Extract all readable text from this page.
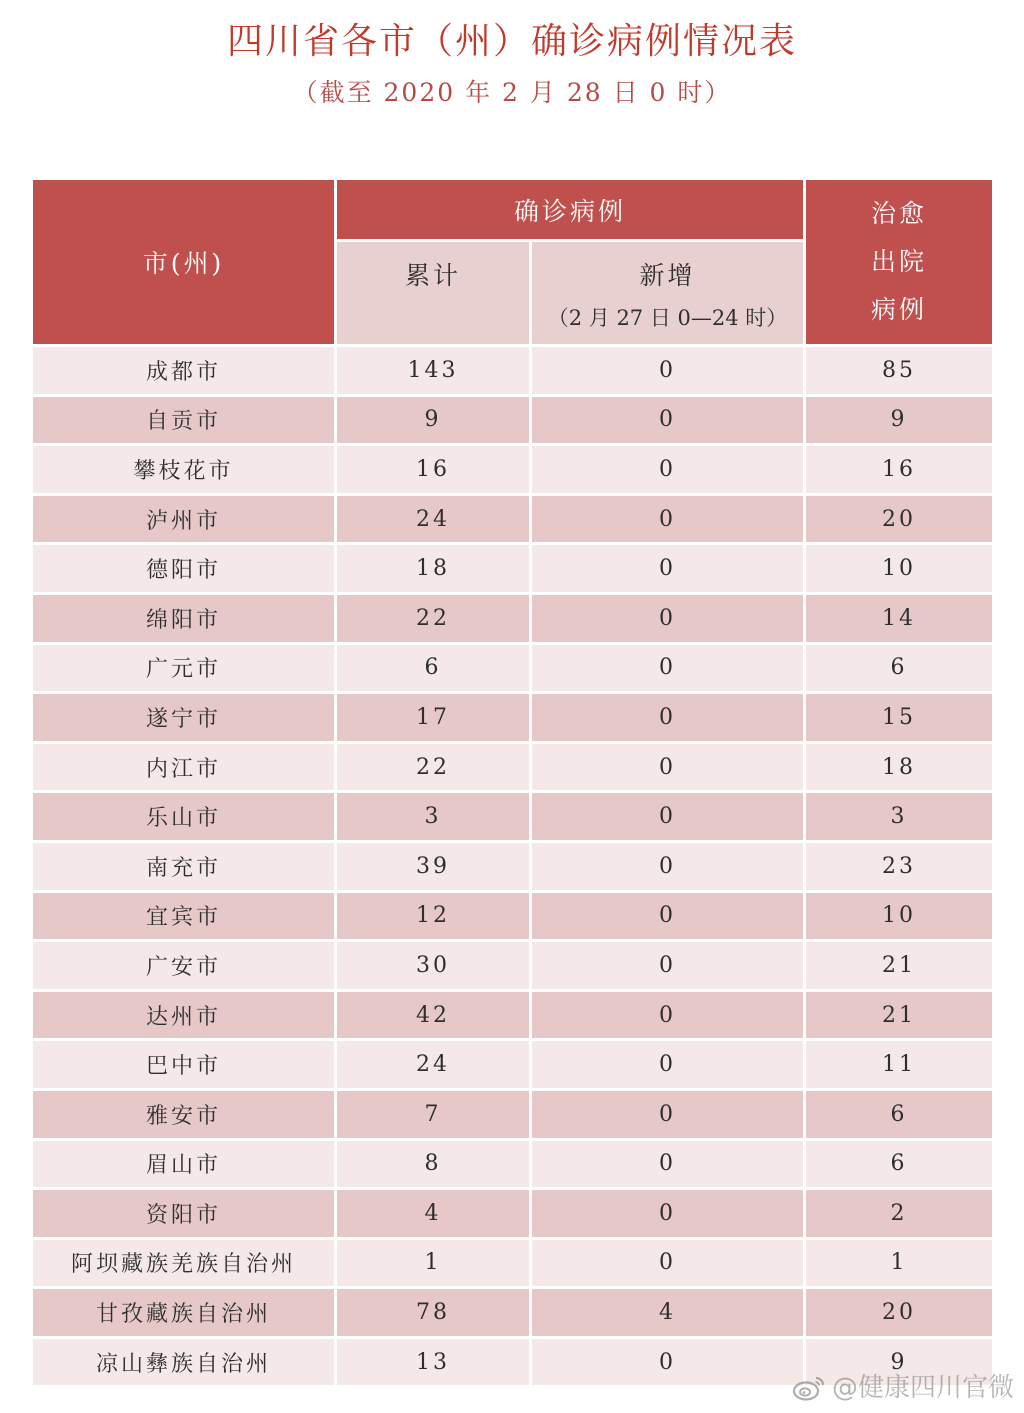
四川省各市（州）确诊病例情况表
（截至 2020 年 2 月 28 日 0 时）
市(州)	确诊病例		治愈
出院
病例

	累计	新增
（2 月 27 日 0—24 时）	

成都市	143	0	85
自贡市	9	0	9
攀枝花市	16	0	16
泸州市	24	0	20
德阳市	18	0	10
绵阳市	22	0	14
广元市	6	0	6
遂宁市	17	0	15
内江市	22	0	18
乐山市	3	0	3
南充市	39	0	23
宜宾市	12	0	10
广安市	30	0	21
达州市	42	0	21
巴中市	24	0	11
雅安市	7	0	6
眉山市	8	0	6
资阳市	4	0	2
阿坝藏族羌族自治州	1	0	1
甘孜藏族自治州	78	4	20
凉山彝族自治州	13	0	9
@健康四川官微
